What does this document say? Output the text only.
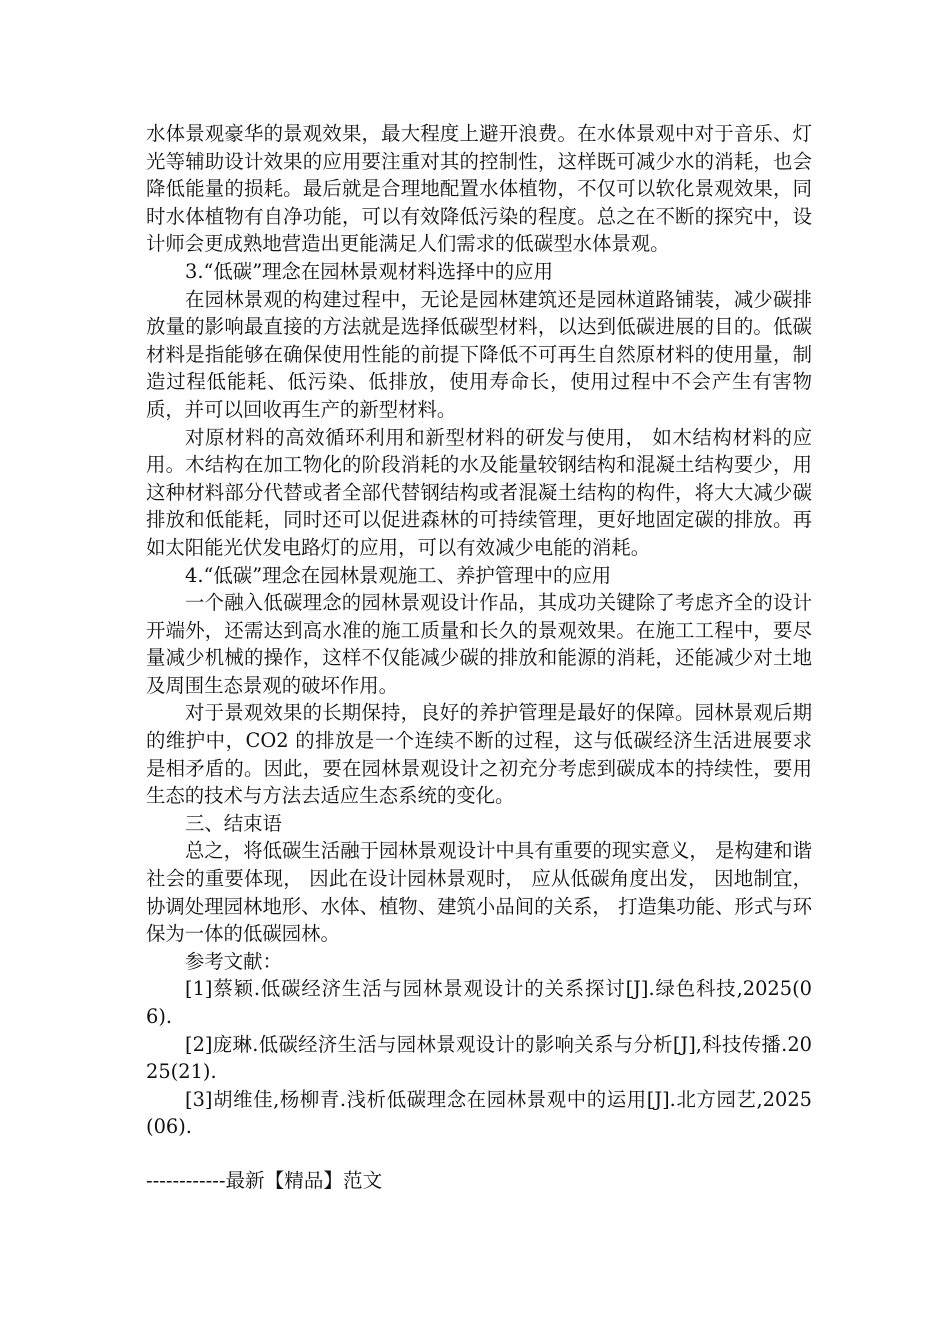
水体景观豪华的景观效果，最大程度上避开浪费。在水体景观中对于音乐、灯光等辅助设计效果的应用要注重对其的控制性，这样既可减少水的消耗，也会降低能量的损耗。最后就是合理地配置水体植物，不仅可以软化景观效果，同时水体植物有自净功能，可以有效降低污染的程度。总之在不断的探究中，设计师会更成熟地营造出更能满足人们需求的低碳型水体景观。

3.“低碳”理念在园林景观材料选择中的应用

在园林景观的构建过程中，无论是园林建筑还是园林道路铺装，减少碳排放量的影响最直接的方法就是选择低碳型材料，以达到低碳进展的目的。低碳材料是指能够在确保使用性能的前提下降低不可再生自然原材料的使用量，制造过程低能耗、低污染、低排放，使用寿命长，使用过程中不会产生有害物质，并可以回收再生产的新型材料。

对原材料的高效循环利用和新型材料的研发与使用， 如木结构材料的应用。木结构在加工物化的阶段消耗的水及能量较钢结构和混凝土结构要少，用这种材料部分代替或者全部代替钢结构或者混凝土结构的构件，将大大减少碳排放和低能耗，同时还可以促进森林的可持续管理，更好地固定碳的排放。再如太阳能光伏发电路灯的应用，可以有效减少电能的消耗。

4.“低碳”理念在园林景观施工、养护管理中的应用

一个融入低碳理念的园林景观设计作品，其成功关键除了考虑齐全的设计开端外，还需达到高水准的施工质量和长久的景观效果。在施工工程中，要尽量减少机械的操作，这样不仅能减少碳的排放和能源的消耗，还能减少对土地及周围生态景观的破坏作用。

对于景观效果的长期保持，良好的养护管理是最好的保障。园林景观后期的维护中，CO2 的排放是一个连续不断的过程，这与低碳经济生活进展要求是相矛盾的。因此，要在园林景观设计之初充分考虑到碳成本的持续性，要用生态的技术与方法去适应生态系统的变化。

三、结束语

总之，将低碳生活融于园林景观设计中具有重要的现实意义， 是构建和谐社会的重要体现， 因此在设计园林景观时， 应从低碳角度出发， 因地制宜， 协调处理园林地形、水体、植物、建筑小品间的关系， 打造集功能、形式与环保为一体的低碳园林。

参考文献：

[1]蔡颖.低碳经济生活与园林景观设计的关系探讨[J].绿色科技,2025(06).

[2]庞琳.低碳经济生活与园林景观设计的影响关系与分析[J],科技传播.2025(21).

[3]胡维佳,杨柳青.浅析低碳理念在园林景观中的运用[J].北方园艺,2025(06).

------------最新【精品】范文
